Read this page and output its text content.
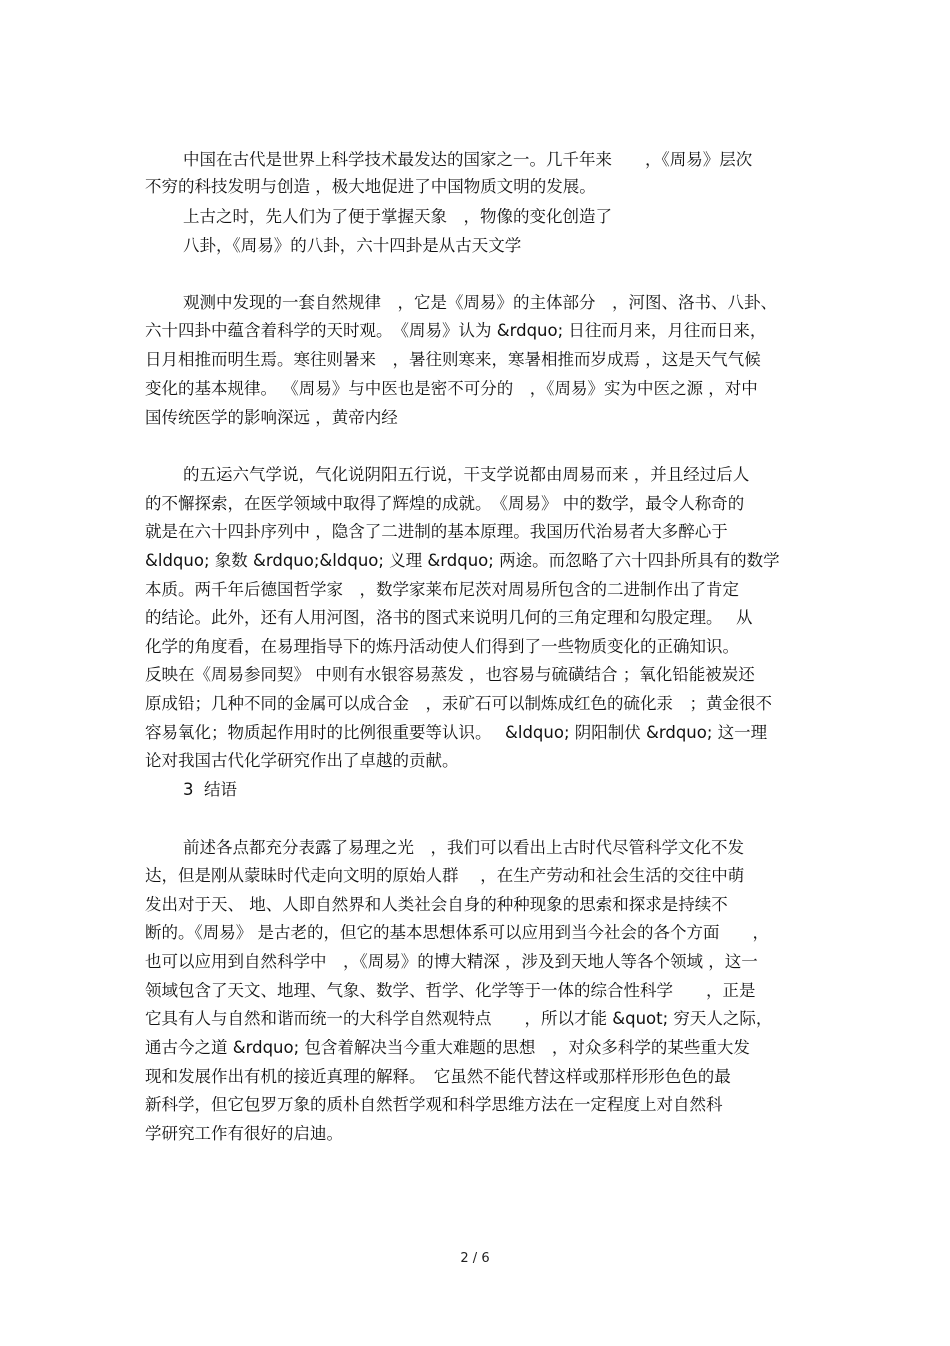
中国在古代是世界上科学技术最发达的国家之一。几千年来　　，《周易》层次
不穷的科技发明与创造 ，极大地促进了中国物质文明的发展。
上古之时，先人们为了便于掌握天象　，物像的变化创造了
八卦，《周易》的八卦，六十四卦是从古天文学
观测中发现的一套自然规律　，它是《周易》的主体部分　，河图、洛书、八卦、
六十四卦中蕴含着科学的天时观。　《周易》认为 &rdquo; 日往而月来，月往而日来，
日月相推而明生焉。寒往则暑来　，暑往则寒来，寒暑相推而岁成焉 ，这是天气气候
变化的基本规律。 《周易》与中医也是密不可分的　，《周易》实为中医之源 ，对中
国传统医学的影响深远 ，黄帝内经
的五运六气学说，气化说阴阳五行说，干支学说都由周易而来 ，并且经过后人
的不懈探索，在医学领域中取得了辉煌的成就。　《周易》 中的数学，最令人称奇的
就是在六十四卦序列中 ，隐含了二进制的基本原理。我国历代治易者大多醉心于
&ldquo; 象数 &rdquo;&ldquo; 义理 &rdquo; 两途。而忽略了六十四卦所具有的数学
本质。两千年后德国哲学家　，数学家莱布尼茨对周易所包含的二进制作出了肯定
的结论。此外，还有人用河图，洛书的图式来说明几何的三角定理和勾股定理。　 从
化学的角度看，在易理指导下的炼丹活动使人们得到了一些物质变化的正确知识。
反映在《周易参同契》 中则有水银容易蒸发 ，也容易与硫磺结合 ；氧化铅能被炭还
原成铅；几种不同的金属可以成合金　，汞矿石可以制炼成红色的硫化汞　；黄金很不
容易氧化；物质起作用时的比例很重要等认识。　 &ldquo; 阴阳制伏 &rdquo; 这一理
论对我国古代化学研究作出了卓越的贡献。
3  结语
前述各点都充分表露了易理之光　，我们可以看出上古时代尽管科学文化不发
达，但是刚从蒙昧时代走向文明的原始人群　 ，在生产劳动和社会生活的交往中萌
发出对于天、 地、人即自然界和人类社会自身的种种现象的思索和探求是持续不
断的。《周易》 是古老的，但它的基本思想体系可以应用到当今社会的各个方面　　，
也可以应用到自然科学中　，《周易》的博大精深 ，涉及到天地人等各个领域 ，这一
领域包含了天文、地理、气象、数学、哲学、化学等于一体的综合性科学　　，正是
它具有人与自然和谐而统一的大科学自然观特点　　，所以才能 &quot; 穷天人之际，
通古今之道 &rdquo; 包含着解决当今重大难题的思想　，对众多科学的某些重大发
现和发展作出有机的接近真理的解释。　它虽然不能代替这样或那样形形色色的最
新科学，但它包罗万象的质朴自然哲学观和科学思维方法在一定程度上对自然科
学研究工作有很好的启迪。
2 / 6
